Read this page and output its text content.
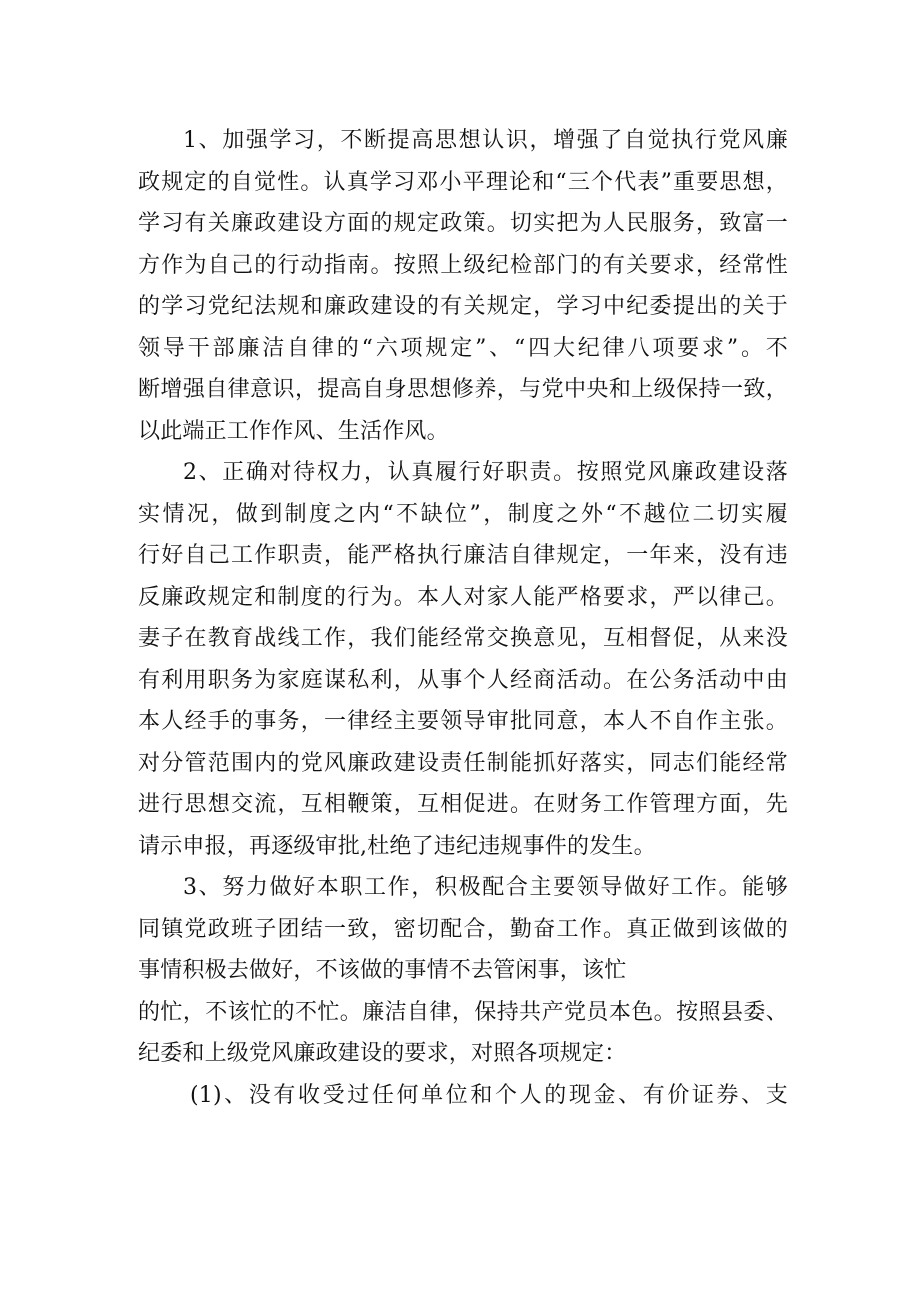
1、加强学习，不断提高思想认识，增强了自觉执行党风廉
政规定的自觉性。认真学习邓小平理论和“三个代表”重要思想，
学习有关廉政建设方面的规定政策。切实把为人民服务，致富一
方作为自己的行动指南。按照上级纪检部门的有关要求，经常性
的学习党纪法规和廉政建设的有关规定，学习中纪委提出的关于
领导干部廉洁自律的“六项规定”、“四大纪律八项要求”。不
断增强自律意识，提高自身思想修养，与党中央和上级保持一致，
以此端正工作作风、生活作风。
2、正确对待权力，认真履行好职责。按照党风廉政建设落
实情况，做到制度之内“不缺位”，制度之外“不越位二切实履
行好自己工作职责，能严格执行廉洁自律规定，一年来，没有违
反廉政规定和制度的行为。本人对家人能严格要求，严以律己。
妻子在教育战线工作，我们能经常交换意见，互相督促，从来没
有利用职务为家庭谋私利，从事个人经商活动。在公务活动中由
本人经手的事务，一律经主要领导审批同意，本人不自作主张。
对分管范围内的党风廉政建设责任制能抓好落实，同志们能经常
进行思想交流，互相鞭策，互相促进。在财务工作管理方面，先
请示申报，再逐级审批,杜绝了违纪违规事件的发生。
3、努力做好本职工作，积极配合主要领导做好工作。能够
同镇党政班子团结一致，密切配合，勤奋工作。真正做到该做的
事情积极去做好，不该做的事情不去管闲事，该忙
的忙，不该忙的不忙。廉洁自律，保持共产党员本色。按照县委、
纪委和上级党风廉政建设的要求，对照各项规定：
(1)、没有收受过任何单位和个人的现金、有价证券、支
